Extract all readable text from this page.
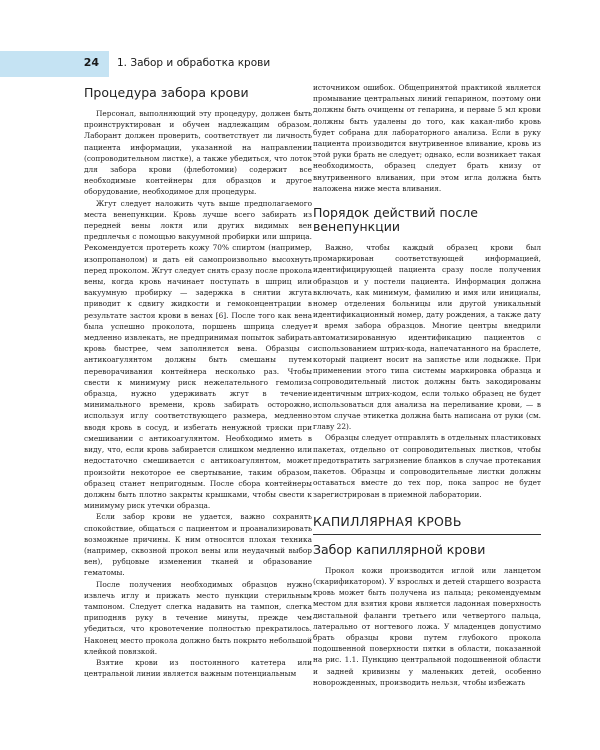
24 1. Забор и обработка крови
Процедура забора крови

Персонал, выполняющий эту процедуру, должен быть проинструктирован и обучен надлежащим образом. Лаборант должен проверить, соответствует ли личность пациента информации, указанной на направлении (сопроводительном листке), а также убедиться, что лоток для забора крови (флеботомии) содержит все необходимые контейнеры для образцов и другое оборудование, необходимое для процедуры.

Жгут следует наложить чуть выше предполагаемого места венепункции. Кровь лучше всего забирать из передней вены локтя или других видимых вен предплечья с помощью вакуумной пробирки или шприца. Рекомендуется протереть кожу 70% спиртом (например, изопропанолом) и дать ей самопроизвольно высохнуть перед проколом. Жгут следует снять сразу после прокола вены, когда кровь начинает поступать в шприц или вакуумную пробирку — задержка в снятии жгута приводит к сдвигу жидкости и гемоконцентрации в результате застоя крови в венах [6]. После того как вена была успешно проколота, поршень шприца следует медленно извлекать, не предпринимая попыток забирать кровь быстрее, чем заполняется вена. Образцы с антикоагулянтом должны быть смешаны путем переворачивания контейнера несколько раз. Чтобы свести к минимуму риск нежелательного гемолиза образца, нужно удерживать жгут в течение минимального времени, кровь забирать осторожно, используя иглу соответствующего размера, медленно вводя кровь в сосуд, и избегать ненужной тряски при смешивании с антикоагулянтом. Необходимо иметь в виду, что, если кровь забирается слишком медленно или недостаточно смешивается с антикоагулянтом, может произойти некоторое ее свертывание, таким образом, образец станет непригодным. После сбора контейнеры должны быть плотно закрыты крышками, чтобы свести к минимуму риск утечки образца.

Если забор крови не удается, важно сохранять спокойствие, общаться с пациентом и проанализировать возможные причины. К ним относятся плохая техника (например, сквозной прокол вены или неудачный выбор вен), рубцовые изменения тканей и образование гематомы.

После получения необходимых образцов нужно извлечь иглу и прижать место пункции стерильным тампоном. Следует слегка надавить на тампон, слегка приподняв руку в течение минуты, прежде чем убедиться, что кровотечение полностью прекратилось. Наконец место прокола должно быть покрыто небольшой клейкой повязкой.

Взятие крови из постоянного катетера или центральной линии является важным потенциальным

источником ошибок. Общепринятой практикой является промывание центральных линий гепарином, поэтому они должны быть очищены от гепарина, и первые 5 мл крови должны быть удалены до того, как какая-либо кровь будет собрана для лабораторного анализа. Если в руку пациента производится внутривенное вливание, кровь из этой руки брать не следует; однако, если возникает такая необходимость, образец следует брать книзу от внутривенного вливания, при этом игла должна быть наложена ниже места вливания.

Порядок действий после венепункции

Важно, чтобы каждый образец крови был промаркирован соответствующей информацией, идентифицирующей пациента сразу после получения образцов и у постели пациента. Информация должна включать, как минимум, фамилию и имя или инициалы, номер отделения больницы или другой уникальный идентификационный номер, дату рождения, а также дату и время забора образцов. Многие центры внедрили автоматизированную идентификацию пациентов с использованием штрих-кода, напечатанного на браслете, который пациент носит на запястье или лодыжке. При применении этого типа системы маркировка образца и сопроводительный листок должны быть закодированы идентичным штрих-кодом, если только образец не будет использоваться для анализа на переливание крови, — в этом случае этикетка должна быть написана от руки (см. главу 22).

Образцы следует отправлять в отдельных пластиковых пакетах, отдельно от сопроводительных листков, чтобы предотвратить загрязнение бланков в случае протекания пакетов. Образцы и сопроводительные листки должны оставаться вместе до тех пор, пока запрос не будет зарегистрирован в приемной лаборатории.

КАПИЛЛЯРНАЯ КРОВЬ
Забор капиллярной крови

Прокол кожи производится иглой или ланцетом (скарификатором). У взрослых и детей старшего возраста кровь может быть получена из пальца; рекомендуемым местом для взятия крови является ладонная поверхность дистальной фаланги третьего или четвертого пальца, латерально от ногтевого ложа. У младенцев допустимо брать образцы крови путем глубокого прокола подошвенной поверхности пятки в области, показанной на рис. 1.1. Пункцию центральной подошвенной области и задней кривизны у маленьких детей, особенно новорожденных, производить нельзя, чтобы избежать
